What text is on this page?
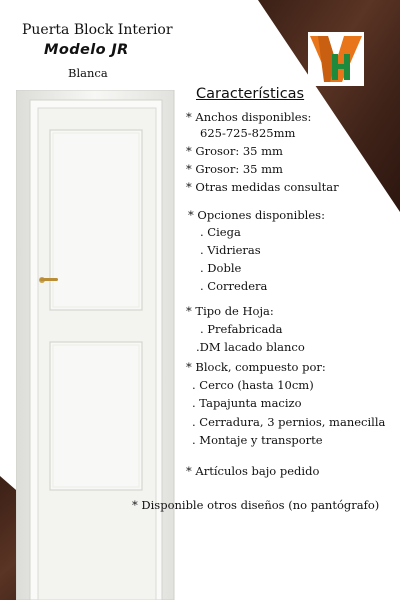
Puerta Block Interior
Modelo JR
Blanca
Características
* Anchos disponibles:
625-725-825mm
* Grosor: 35 mm
* Grosor: 35 mm
* Otras medidas consultar
* Opciones disponibles:
. Ciega
. Vidrieras
. Doble
. Corredera
* Tipo de Hoja:
. Prefabricada
.DM lacado blanco
* Block, compuesto por:
. Cerco (hasta 10cm)
. Tapajunta macizo
. Cerradura, 3 pernios, manecilla
. Montaje y transporte
* Artículos bajo pedido
* Disponible otros diseños (no pantógrafo)
